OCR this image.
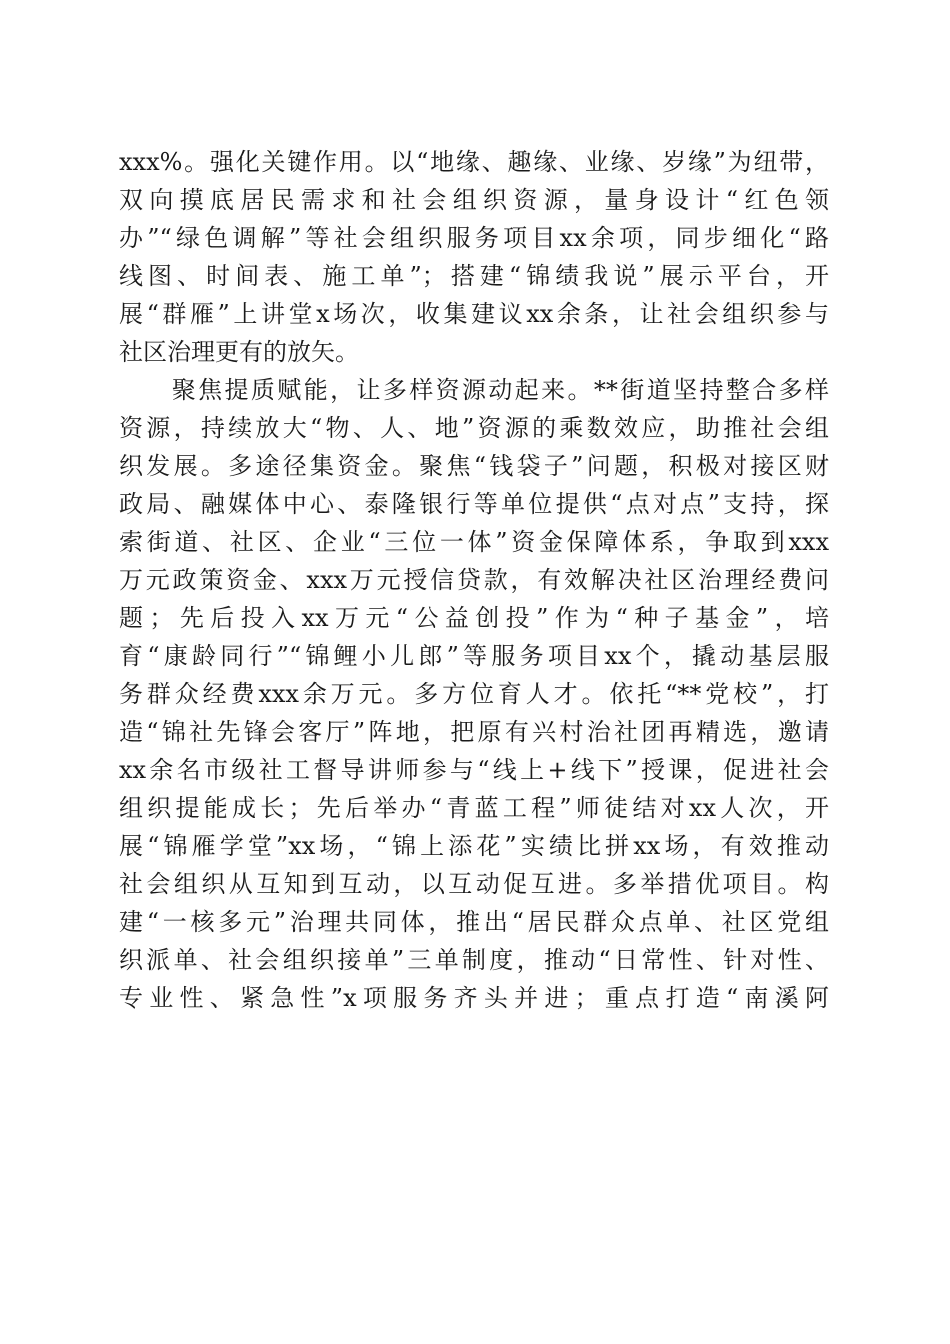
xxx%。强化关键作用。以“地缘、趣缘、业缘、岁缘”为纽带，
双向摸底居民需求和社会组织资源，量身设计“红色领
办”“绿色调解”等社会组织服务项目xx余项，同步细化“路
线图、时间表、施工单”；搭建“锦绩我说”展示平台，开
展“群雁”上讲堂x场次，收集建议xx余条，让社会组织参与
社区治理更有的放矢。
　　聚焦提质赋能，让多样资源动起来。**街道坚持整合多样
资源，持续放大“物、人、地”资源的乘数效应，助推社会组
织发展。多途径集资金。聚焦“钱袋子”问题，积极对接区财
政局、融媒体中心、泰隆银行等单位提供“点对点”支持，探
索街道、社区、企业“三位一体”资金保障体系，争取到xxx
万元政策资金、xxx万元授信贷款，有效解决社区治理经费问
题；先后投入xx万元“公益创投”作为“种子基金”，培
育“康龄同行”“锦鲤小儿郎”等服务项目xx个，撬动基层服
务群众经费xxx余万元。多方位育人才。依托“**党校”，打
造“锦社先锋会客厅”阵地，把原有兴村治社团再精选，邀请
xx余名市级社工督导讲师参与“线上+线下”授课，促进社会
组织提能成长；先后举办“青蓝工程”师徒结对xx人次，开
展“锦雁学堂”xx场，“锦上添花”实绩比拼xx场，有效推动
社会组织从互知到互动，以互动促互进。多举措优项目。构
建“一核多元”治理共同体，推出“居民群众点单、社区党组
织派单、社会组织接单”三单制度，推动“日常性、针对性、
专业性、紧急性”x项服务齐头并进；重点打造“南溪阿
